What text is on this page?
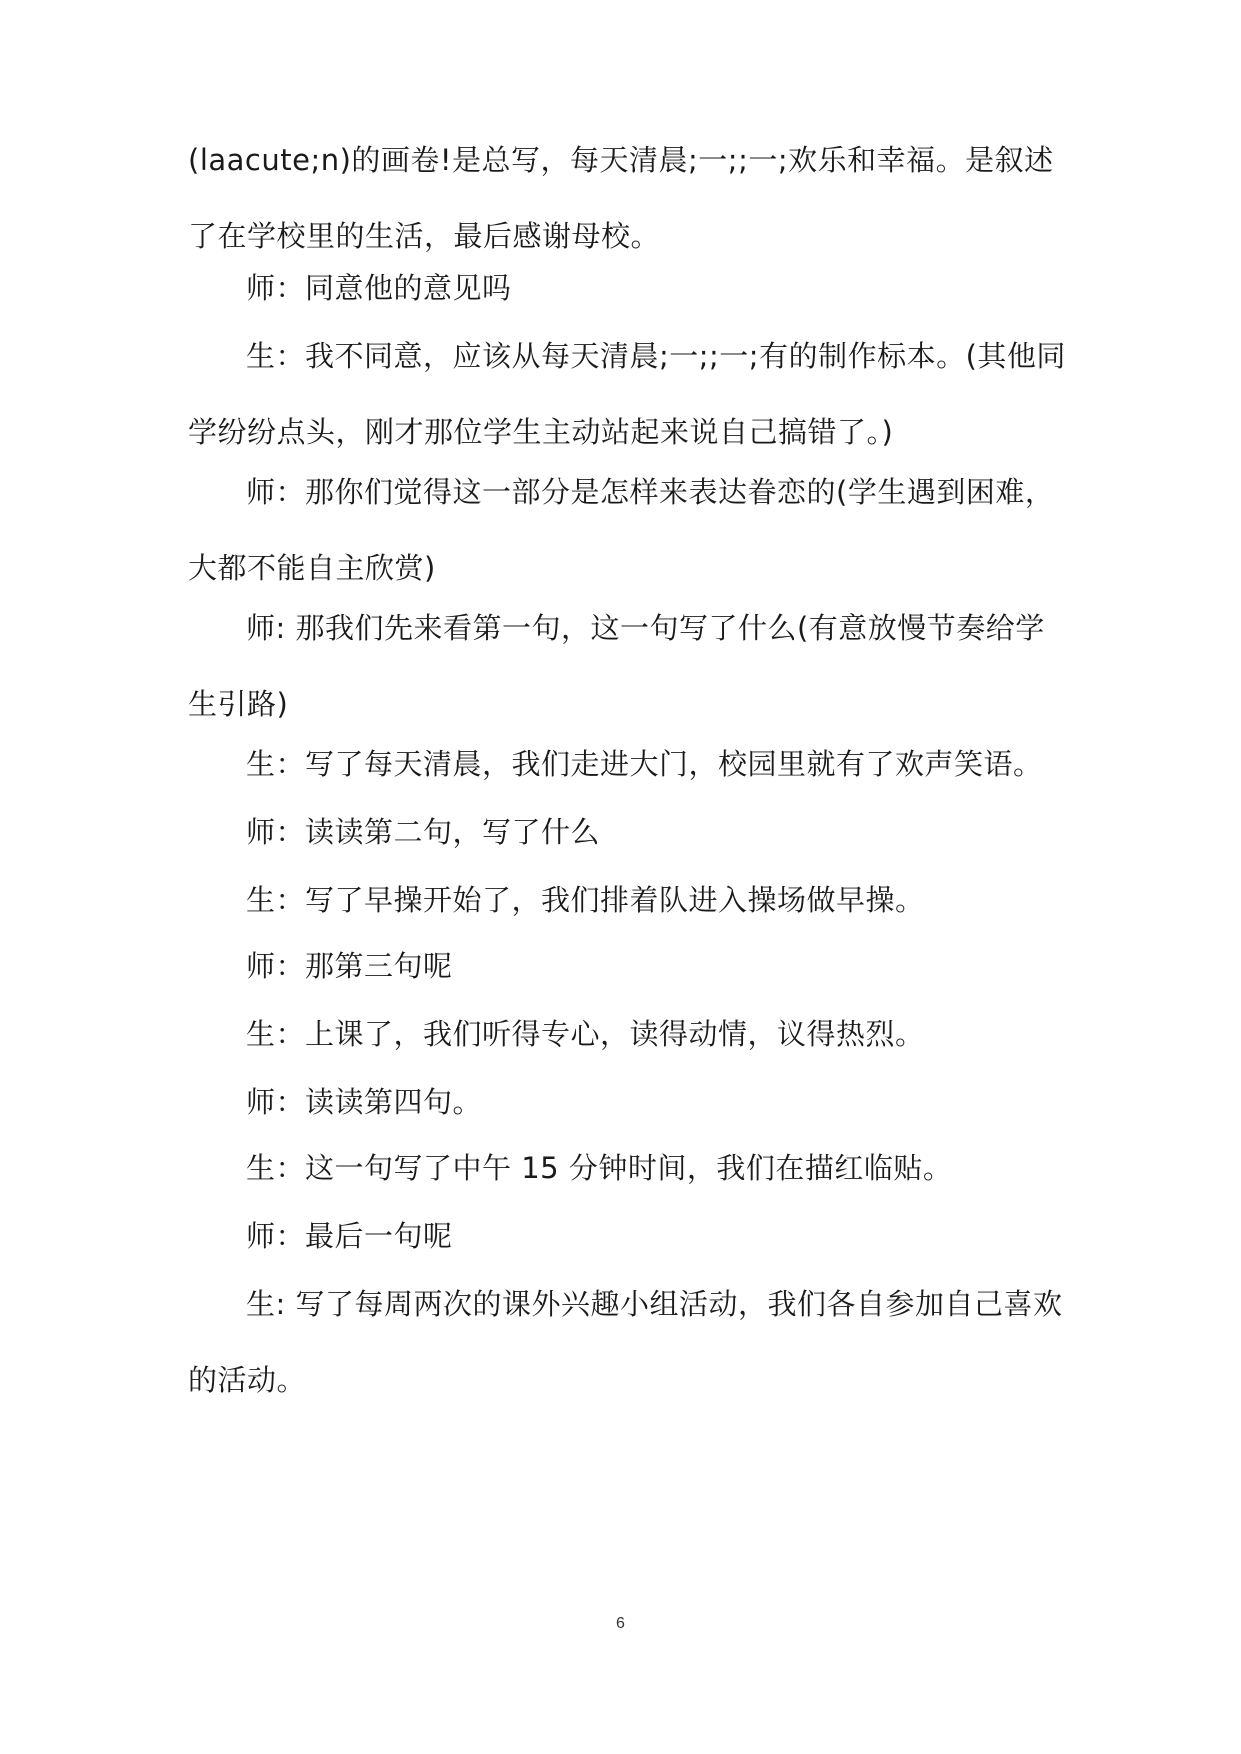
(laacute;n)的画卷!是总写，每天清晨;一;;一;欢乐和幸福。是叙述了在学校里的生活，最后感谢母校。

师：同意他的意见吗

生：我不同意，应该从每天清晨;一;;一;有的制作标本。(其他同学纷纷点头，刚才那位学生主动站起来说自己搞错了。)

师：那你们觉得这一部分是怎样来表达眷恋的(学生遇到困难，大都不能自主欣赏)

师: 那我们先来看第一句，这一句写了什么(有意放慢节奏给学生引路)

生：写了每天清晨，我们走进大门，校园里就有了欢声笑语。

师：读读第二句，写了什么

生：写了早操开始了，我们排着队进入操场做早操。

师：那第三句呢

生：上课了，我们听得专心，读得动情，议得热烈。

师：读读第四句。

生：这一句写了中午 15 分钟时间，我们在描红临贴。

师：最后一句呢

生: 写了每周两次的课外兴趣小组活动，我们各自参加自己喜欢的活动。

6
